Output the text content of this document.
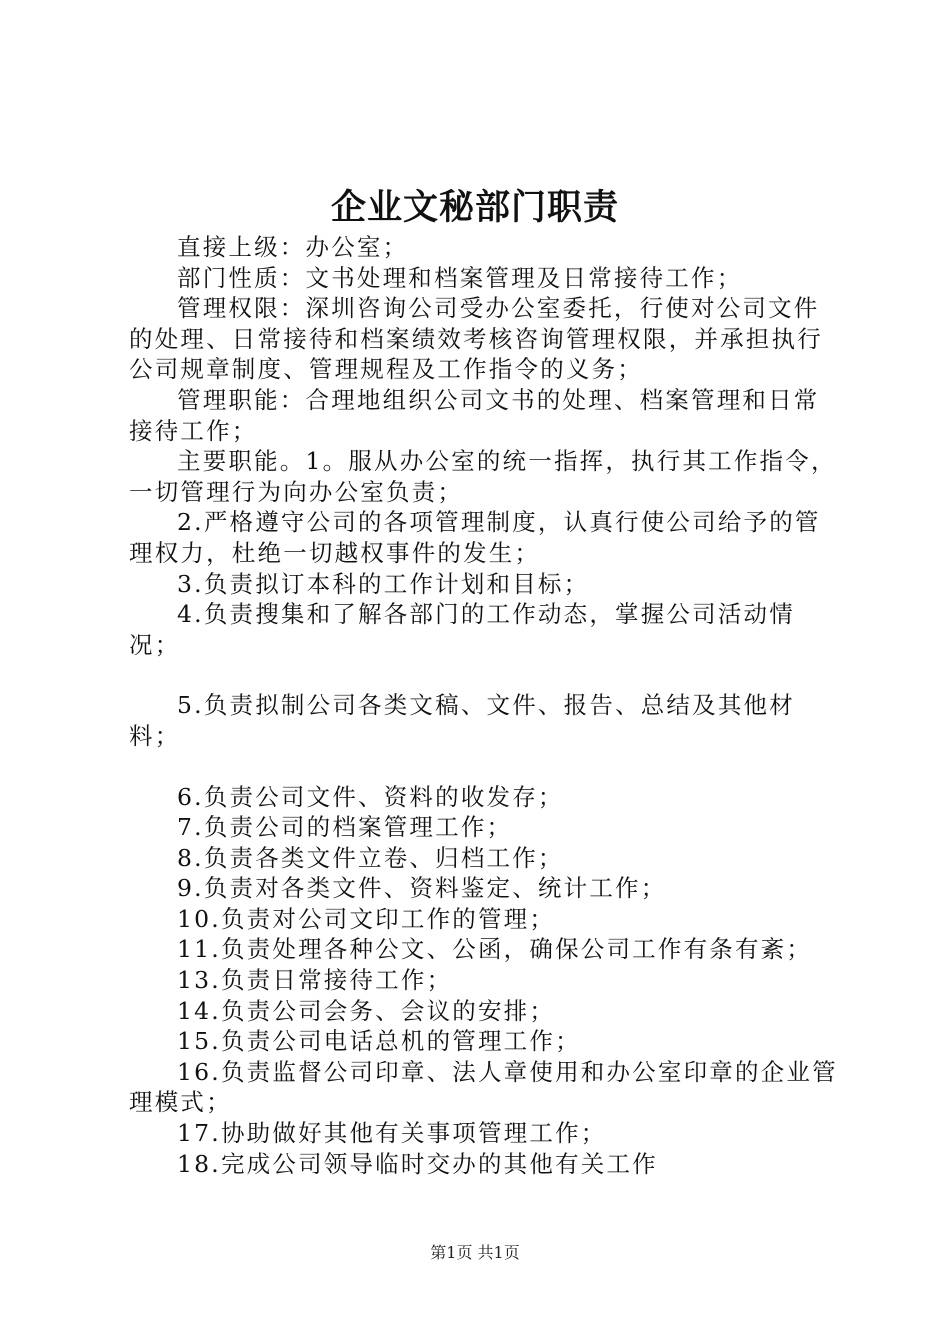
企业文秘部门职责

直接上级：办公室；

部门性质：文书处理和档案管理及日常接待工作；

管理权限：深圳咨询公司受办公室委托，行使对公司文件的处理、日常接待和档案绩效考核咨询管理权限，并承担执行公司规章制度、管理规程及工作指令的义务；

管理职能：合理地组织公司文书的处理、档案管理和日常接待工作；

主要职能。1。服从办公室的统一指挥，执行其工作指令，一切管理行为向办公室负责；

2.严格遵守公司的各项管理制度，认真行使公司给予的管理权力，杜绝一切越权事件的发生；

3.负责拟订本科的工作计划和目标；

4.负责搜集和了解各部门的工作动态，掌握公司活动情况；

5.负责拟制公司各类文稿、文件、报告、总结及其他材料；

6.负责公司文件、资料的收发存；

7.负责公司的档案管理工作；

8.负责各类文件立卷、归档工作；

9.负责对各类文件、资料鉴定、统计工作；

10.负责对公司文印工作的管理；

11.负责处理各种公文、公函，确保公司工作有条有紊；

13.负责日常接待工作；

14.负责公司会务、会议的安排；

15.负责公司电话总机的管理工作；

16.负责监督公司印章、法人章使用和办公室印章的企业管理模式；

17.协助做好其他有关事项管理工作；

18.完成公司领导临时交办的其他有关工作

第1页 共1页
